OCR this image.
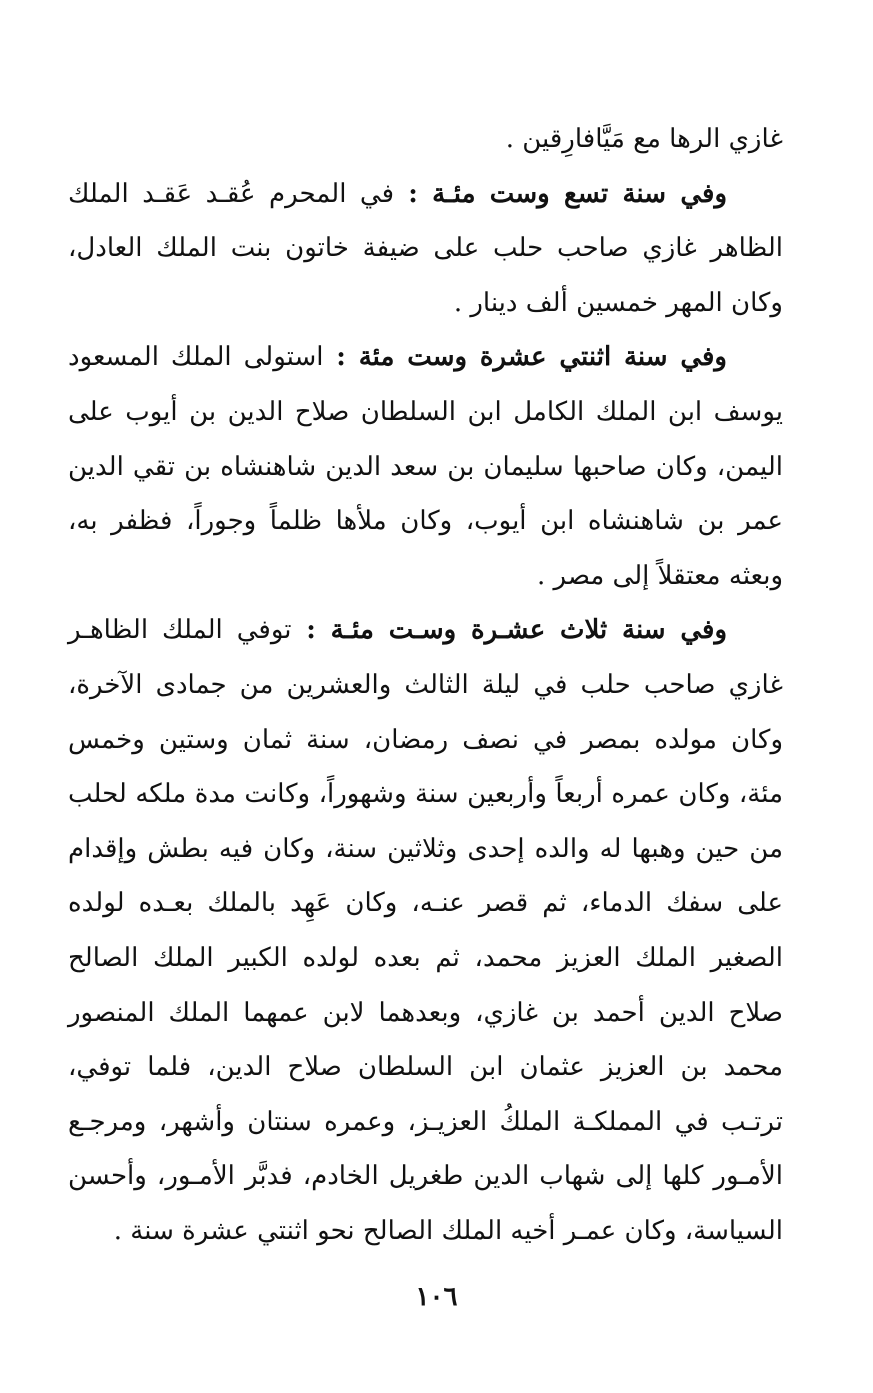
غازي الرها مع مَيَّافارِقين .

وفي سنة تسع وست مئـة : في المحرم عُقـد عَقـد الملك الظاهر غازي صاحب حلب على ضيفة خاتون بنت الملك العادل، وكان المهر خمسين ألف دينار .

وفي سنة اثنتي عشرة وست مئة : استولى الملك المسعود يوسف ابن الملك الكامل ابن السلطان صلاح الدين بن أيوب على اليمن، وكان صاحبها سليمان بن سعد الدين شاهنشاه بن تقي الدين عمر بن شاهنشاه ابن أيوب، وكان ملأها ظلماً وجوراً، فظفر به، وبعثه معتقلاً إلى مصر .

وفي سنة ثلاث عشـرة وسـت مئـة : توفي الملك الظاهـر غازي صاحب حلب في ليلة الثالث والعشرين من جمادى الآخرة، وكان مولده بمصر في نصف رمضان، سنة ثمان وستين وخمس مئة، وكان عمره أربعاً وأربعين سنة وشهوراً، وكانت مدة ملكه لحلب من حين وهبها له والده إحدى وثلاثين سنة، وكان فيه بطش وإقدام على سفك الدماء، ثم قصر عنـه، وكان عَهِد بالملك بعـده لولده الصغير الملك العزيز محمد، ثم بعده لولده الكبير الملك الصالح صلاح الدين أحمد بن غازي، وبعدهما لابن عمهما الملك المنصور محمد بن العزيز عثمان ابن السلطان صلاح الدين، فلما توفي، ترتـب في المملكـة الملكُ العزيـز، وعمره سنتان وأشهر، ومرجـع الأمـور كلها إلى شهاب الدين طغريل الخادم، فدبَّر الأمـور، وأحسن السياسة، وكان عمـر أخيه الملك الصالح نحو اثنتي عشرة سنة .

١٠٦
